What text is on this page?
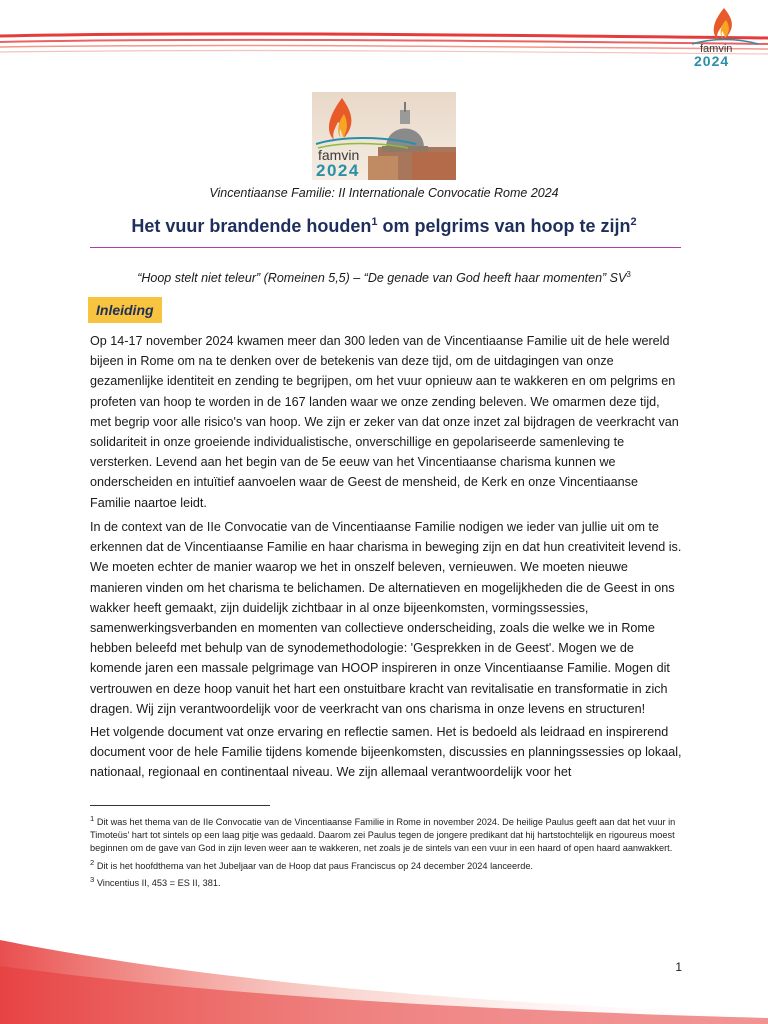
famvin
2024
famvin
2024
Vincentiaanse Familie: II Internationale Convocatie Rome 2024
Het vuur brandende houden$^1$ om pelgrims van hoop te zijn$^2$
“Hoop stelt niet teleur” (Romeinen 5,5) – “De genade van God heeft haar momenten” $SV^3$
Inleiding

Op 14-17 november 2024 kwamen meer dan 300 leden van de Vincentiaanse Familie uit de hele wereld bijeen in Rome om na te denken over de betekenis van deze tijd, om de uitdagingen van onze gezamenlijke identiteit en zending te begrijpen, om het vuur opnieuw aan te wakkeren en om pelgrims en profeten van hoop te worden in de 167 landen waar we onze zending beleven. We omarmen deze tijd, met begrip voor alle risico's van hoop. We zijn er zeker van dat onze inzet zal bijdragen de veerkracht van solidariteit in onze groeiende individualistische, onverschillige en gepolariseerde samenleving te versterken. Levend aan het begin van de 5e eeuw van het Vincentiaanse charisma kunnen we onderscheiden en intuïtief aanvoelen waar de Geest de mensheid, de Kerk en onze Vincentiaanse Familie naartoe leidt.

In de context van de IIe Convocatie van de Vincentiaanse Familie nodigen we ieder van jullie uit om te erkennen dat de Vincentiaanse Familie en haar charisma in beweging zijn en dat hun creativiteit levend is. We moeten echter de manier waarop we het in onszelf beleven, vernieuwen. We moeten nieuwe manieren vinden om het charisma te belichamen. De alternatieven en mogelijkheden die de Geest in ons wakker heeft gemaakt, zijn duidelijk zichtbaar in al onze bijeenkomsten, vormingssessies, samenwerkingsverbanden en momenten van collectieve onderscheiding, zoals die welke we in Rome hebben beleefd met behulp van de synodemethodologie: 'Gesprekken in de Geest'. Mogen we de komende jaren een massale pelgrimage van HOOP inspireren in onze Vincentiaanse Familie. Mogen dit vertrouwen en deze hoop vanuit het hart een onstuitbare kracht van revitalisatie en transformatie in zich dragen. Wij zijn verantwoordelijk voor de veerkracht van ons charisma in onze levens en structuren!

Het volgende document vat onze ervaring en reflectie samen. Het is bedoeld als leidraad en inspirerend document voor de hele Familie tijdens komende bijeenkomsten, discussies en planningssessies op lokaal, nationaal, regionaal en continentaal niveau. We zijn allemaal verantwoordelijk voor het

$^1$ Dit was het thema van de IIe Convocatie van de Vincentiaanse Familie in Rome in november 2024. De heilige Paulus geeft aan dat het vuur in Timoteüs' hart tot sintels op een laag pitje was gedaald. Daarom zei Paulus tegen de jongere predikant dat hij hartstochtelijk en rigoureus moest beginnen om de gave van God in zijn leven weer aan te wakkeren, net zoals je de sintels van een vuur in een haard of open haard aanwakkert.

$^2$ Dit is het hoofdthema van het Jubeljaar van de Hoop dat paus Franciscus op 24 december 2024 lanceerde.

$^3$ Vincentius II, 453 = ES II, 381.

1
